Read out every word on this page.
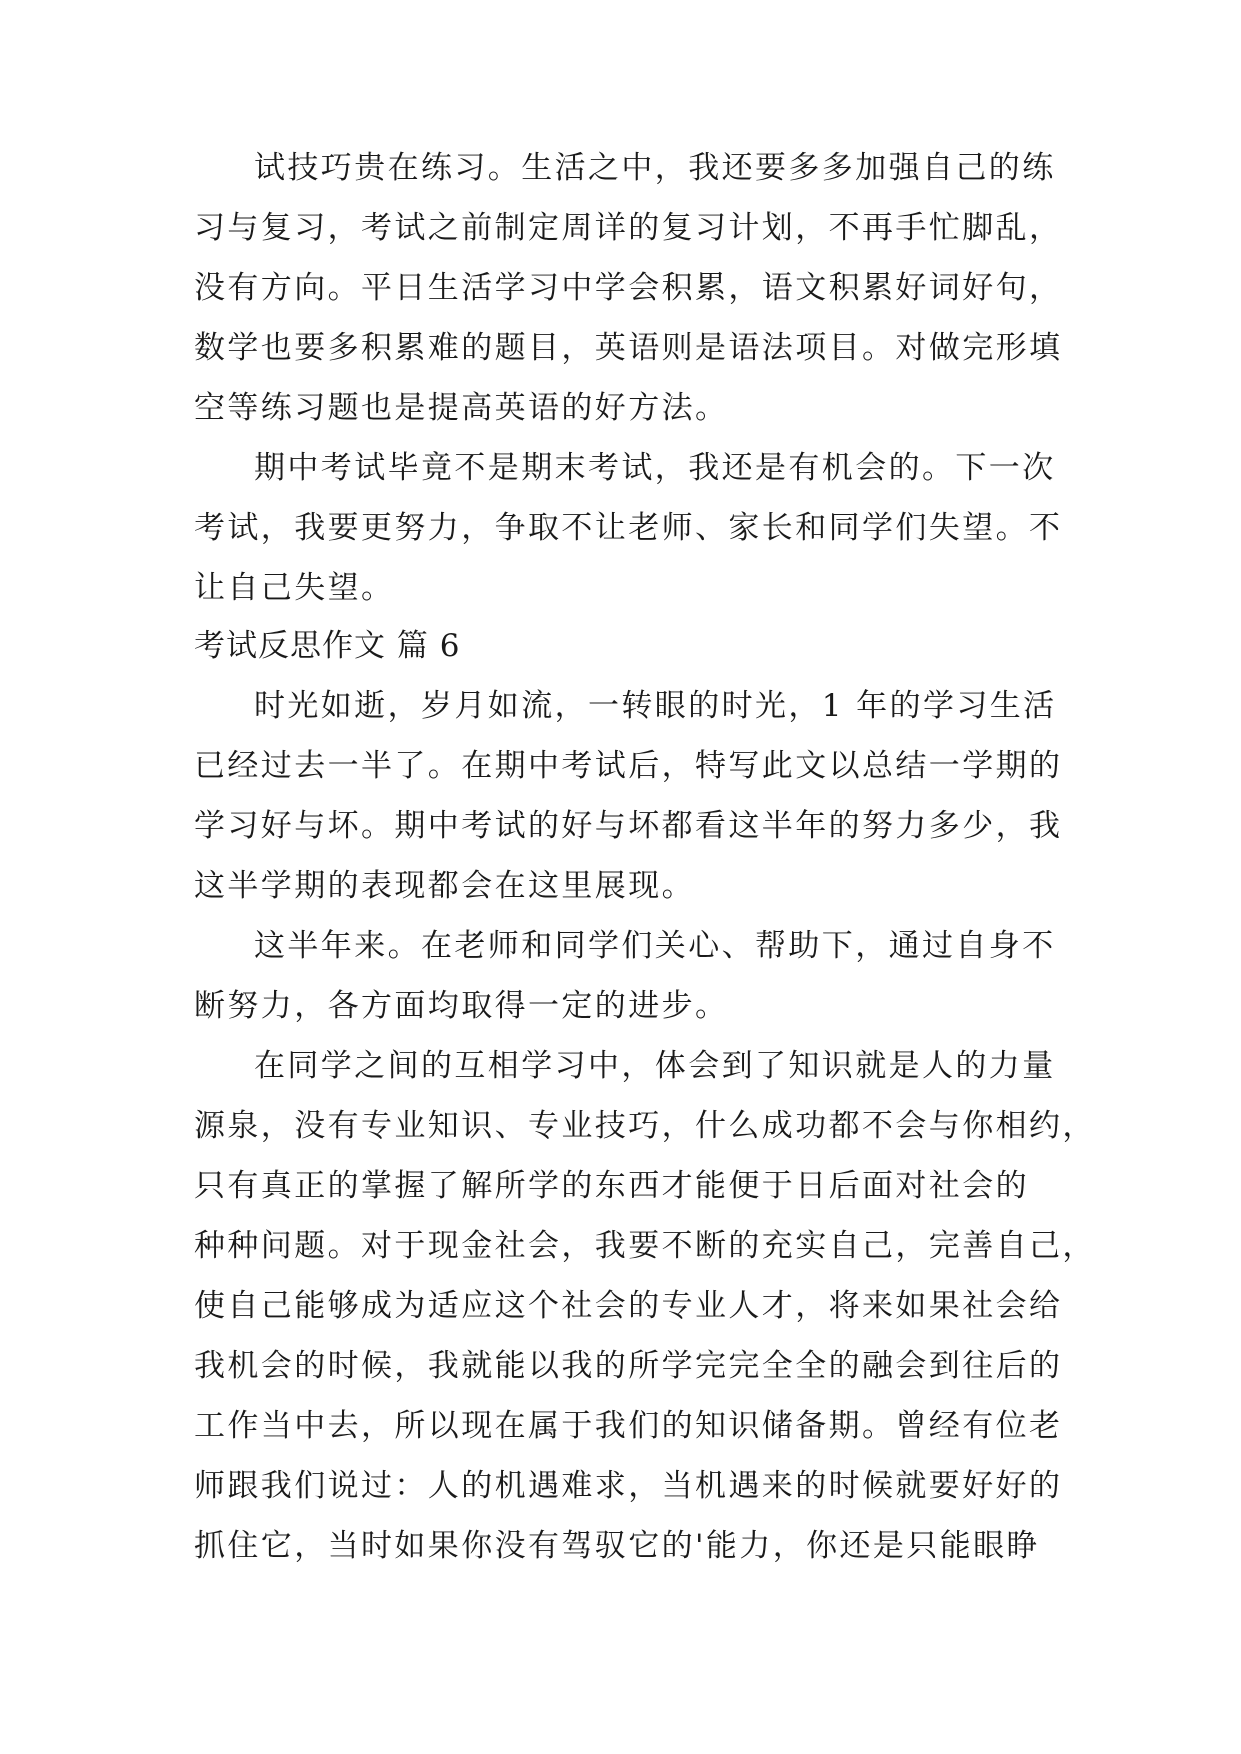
试技巧贵在练习。生活之中，我还要多多加强自己的练
习与复习，考试之前制定周详的复习计划，不再手忙脚乱，
没有方向。平日生活学习中学会积累，语文积累好词好句，
数学也要多积累难的题目，英语则是语法项目。对做完形填
空等练习题也是提高英语的好方法。
期中考试毕竟不是期末考试，我还是有机会的。下一次
考试，我要更努力，争取不让老师、家长和同学们失望。不
让自己失望。
考试反思作文 篇 6
时光如逝，岁月如流，一转眼的时光，1 年的学习生活
已经过去一半了。在期中考试后，特写此文以总结一学期的
学习好与坏。期中考试的好与坏都看这半年的努力多少，我
这半学期的表现都会在这里展现。
这半年来。在老师和同学们关心、帮助下，通过自身不
断努力，各方面均取得一定的进步。
在同学之间的互相学习中，体会到了知识就是人的力量
源泉，没有专业知识、专业技巧，什么成功都不会与你相约，
只有真正的掌握了解所学的东西才能便于日后面对社会的
种种问题。对于现金社会，我要不断的充实自己，完善自己，
使自己能够成为适应这个社会的专业人才，将来如果社会给
我机会的时候，我就能以我的所学完完全全的融会到往后的
工作当中去，所以现在属于我们的知识储备期。曾经有位老
师跟我们说过：人的机遇难求，当机遇来的时候就要好好的
抓住它，当时如果你没有驾驭它的'能力，你还是只能眼睁
